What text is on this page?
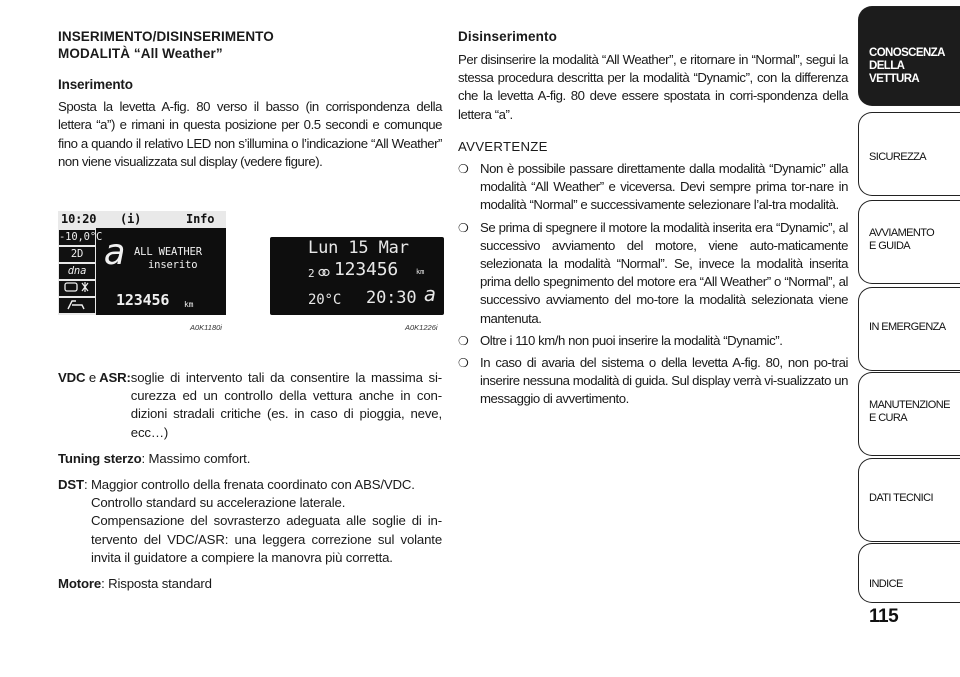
INSERIMENTO/DISINSERIMENTO
MODALITÀ “All Weather”
Inserimento

Sposta la levetta A-fig. 80 verso il basso (in corrispondenza della lettera “a”) e rimani in questa posizione per 0.5 secondi e comunque fino a quando il relativo LED non s’illumina o l’indicazione “All Weather” non viene visualizzata sul display (vedere figure).

10:20 (i)	Info
-10,0°C
2D
dna a ALL WEATHER
inserito
123456 km
A0K1180i
Lun 15 Mar
2 123456	km
20°C 20:30 a
A0K1226i
VDC e ASR: soglie di intervento tali da consentire la massima si-curezza ed un controllo della vettura anche in con-dizioni stradali critiche (es. in caso di pioggia, neve, ecc…)
Tuning sterzo: Massimo comfort.
DST: Maggior controllo della frenata coordinato con ABS/VDC.
Controllo standard su accelerazione laterale.
Compensazione del sovrasterzo adeguata alle soglie di in-tervento del VDC/ASR: una leggera correzione sul volante invita il guidatore a compiere la manovra più corretta.
Motore: Risposta standard
Disinserimento

Per disinserire la modalità “All Weather”, e ritornare in “Normal”, segui la stessa procedura descritta per la modalità “Dynamic”, con la differenza che la levetta A-fig. 80 deve essere spostata in corri-spondenza della lettera “a”.

AVVERTENZE
❍ Non è possibile passare direttamente dalla modalità “Dynamic” alla modalità “All Weather” e viceversa. Devi sempre prima tor-nare in modalità “Normal” e successivamente selezionare l’al-tra modalità.
❍ Se prima di spegnere il motore la modalità inserita era “Dynamic”, al successivo avviamento del motore, viene auto-maticamente selezionata la modalità “Normal”. Se, invece la modalità inserita prima dello spegnimento del motore era “All Weather” o “Normal”, al successivo avviamento del mo-tore la modalità selezionata viene mantenuta.
❍ Oltre i 110 km/h non puoi inserire la modalità “Dynamic”.
❍ In caso di avaria del sistema o della levetta A-fig. 80, non po-trai inserire nessuna modalità di guida. Sul display verrà vi-sualizzato un messaggio di avvertimento.
CONOSCENZA
DELLA
VETTURA
SICUREZZA
AVVIAMENTO
E GUIDA
IN EMERGENZA
MANUTENZIONE
E CURA
DATI TECNICI
INDICE
115
